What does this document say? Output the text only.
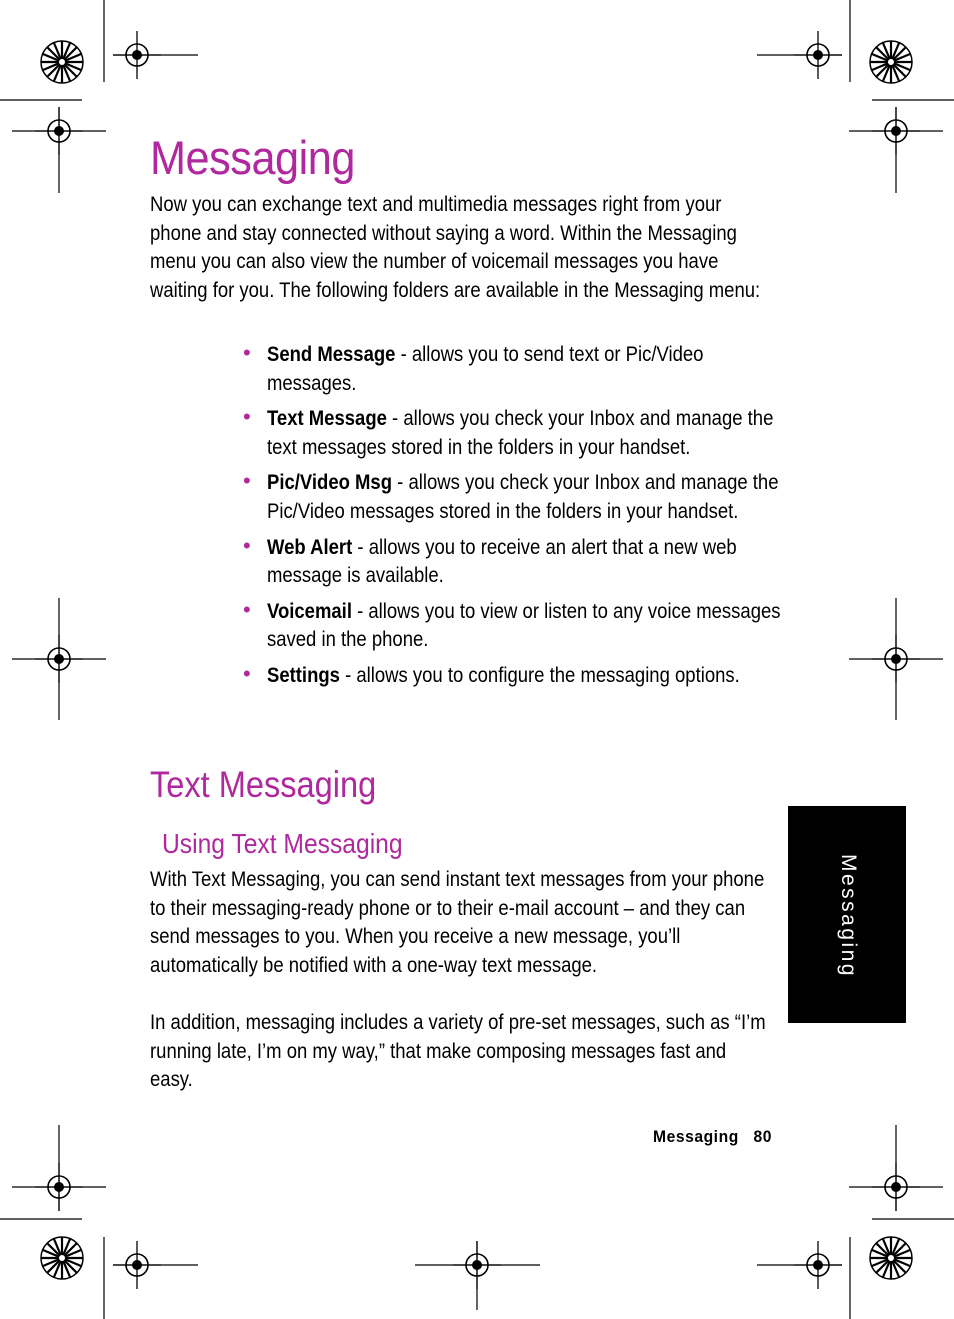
Messaging

Now you can exchange text and multimedia messages right from your phone and stay connected without saying a word. Within the Messaging menu you can also view the number of voicemail messages you have waiting for you. The following folders are available in the Messaging menu:

• Send Message - allows you to send text or Pic/Video messages.
• Text Message - allows you check your Inbox and manage the text messages stored in the folders in your handset.
• Pic/Video Msg - allows you check your Inbox and manage the Pic/Video messages stored in the folders in your handset.
• Web Alert - allows you to receive an alert that a new web message is available.
• Voicemail - allows you to view or listen to any voice messages saved in the phone.
• Settings - allows you to configure the messaging options.
Text Messaging
Using Text Messaging

With Text Messaging, you can send instant text messages from your phone to their messaging-ready phone or to their e-mail account – and they can send messages to you. When you receive a new message, you’ll automatically be notified with a one-way text message.

In addition, messaging includes a variety of pre-set messages, such as “I’m running late, I’m on my way,” that make composing messages fast and easy.

Messaging
Messaging 80
